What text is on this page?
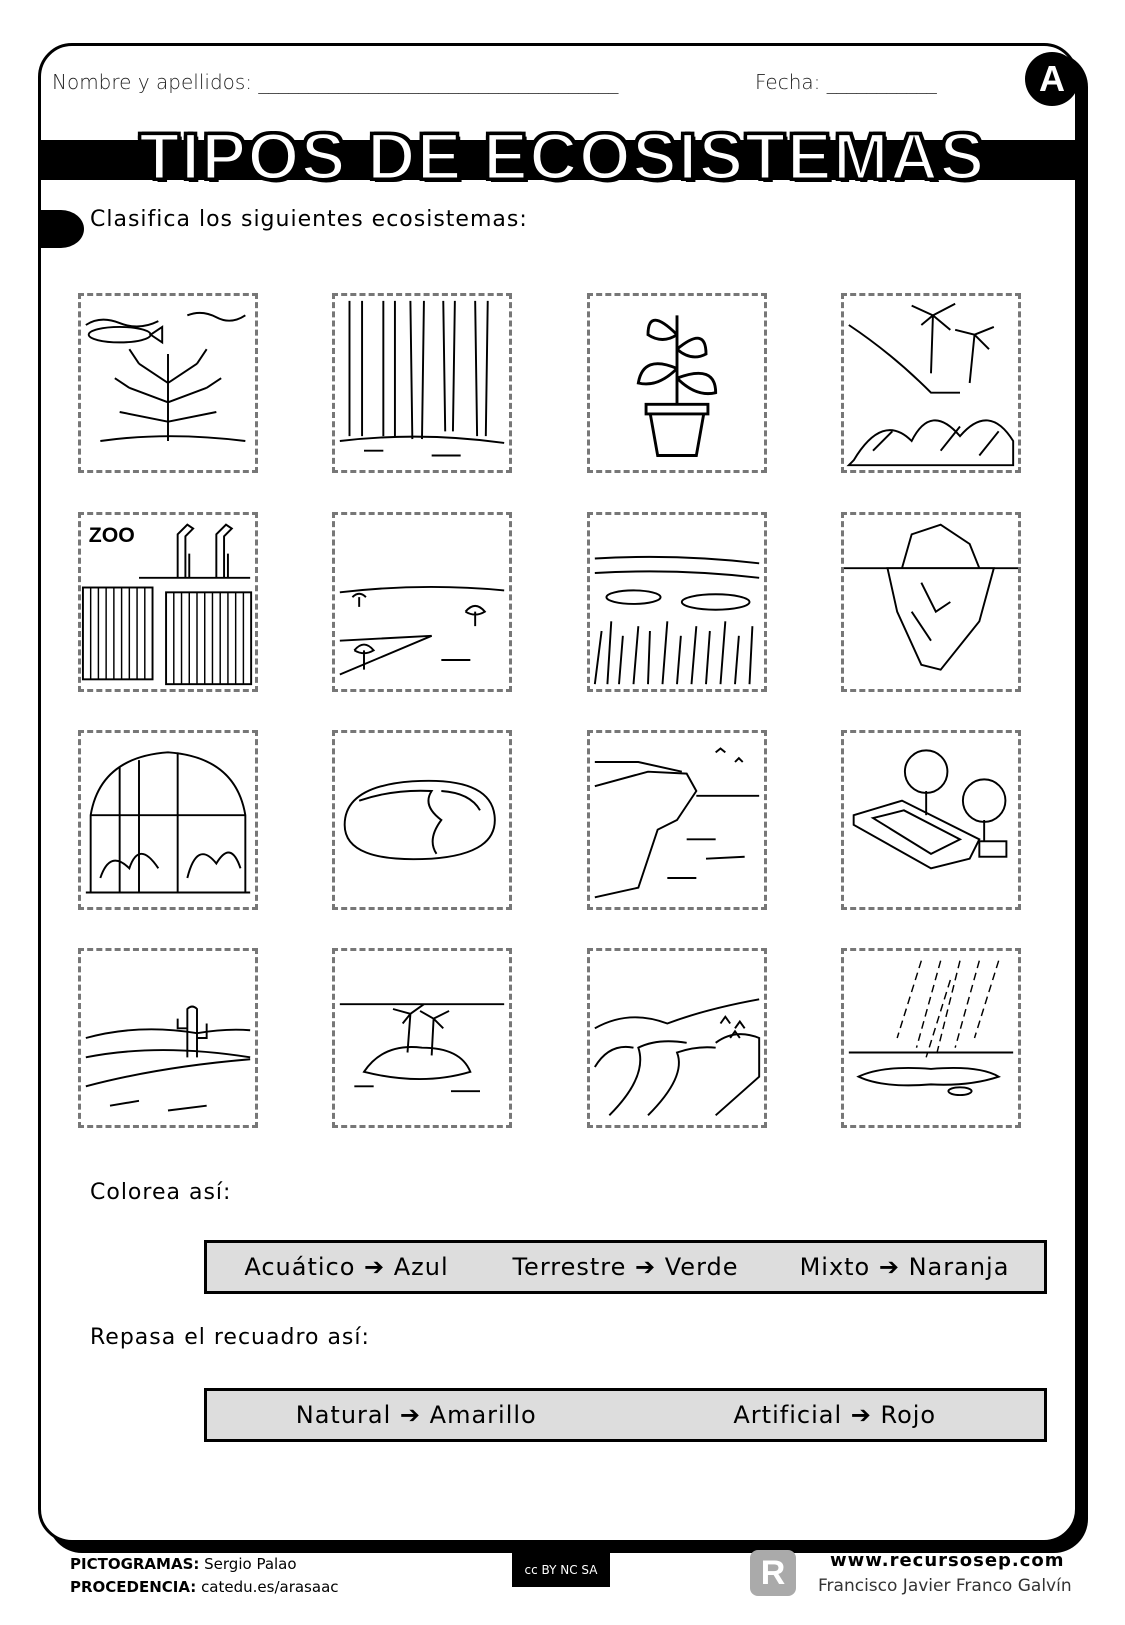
Nombre y apellidos: ____________________________________	Fecha: ___________	A
TIPOS DE ECOSISTEMAS
Clasifica los siguientes ecosistemas:
ZOO
Colorea así:
Acuático ➔ Azul	Terrestre ➔ Verde	Mixto ➔ Naranja
Repasa el recuadro así:
Natural ➔ Amarillo	Artificial ➔ Rojo
PICTOGRAMAS: Sergio Palao
PROCEDENCIA: catedu.es/arasaac
cc BY NC SA	R	www.recursosep.com
Francisco Javier Franco Galvín
